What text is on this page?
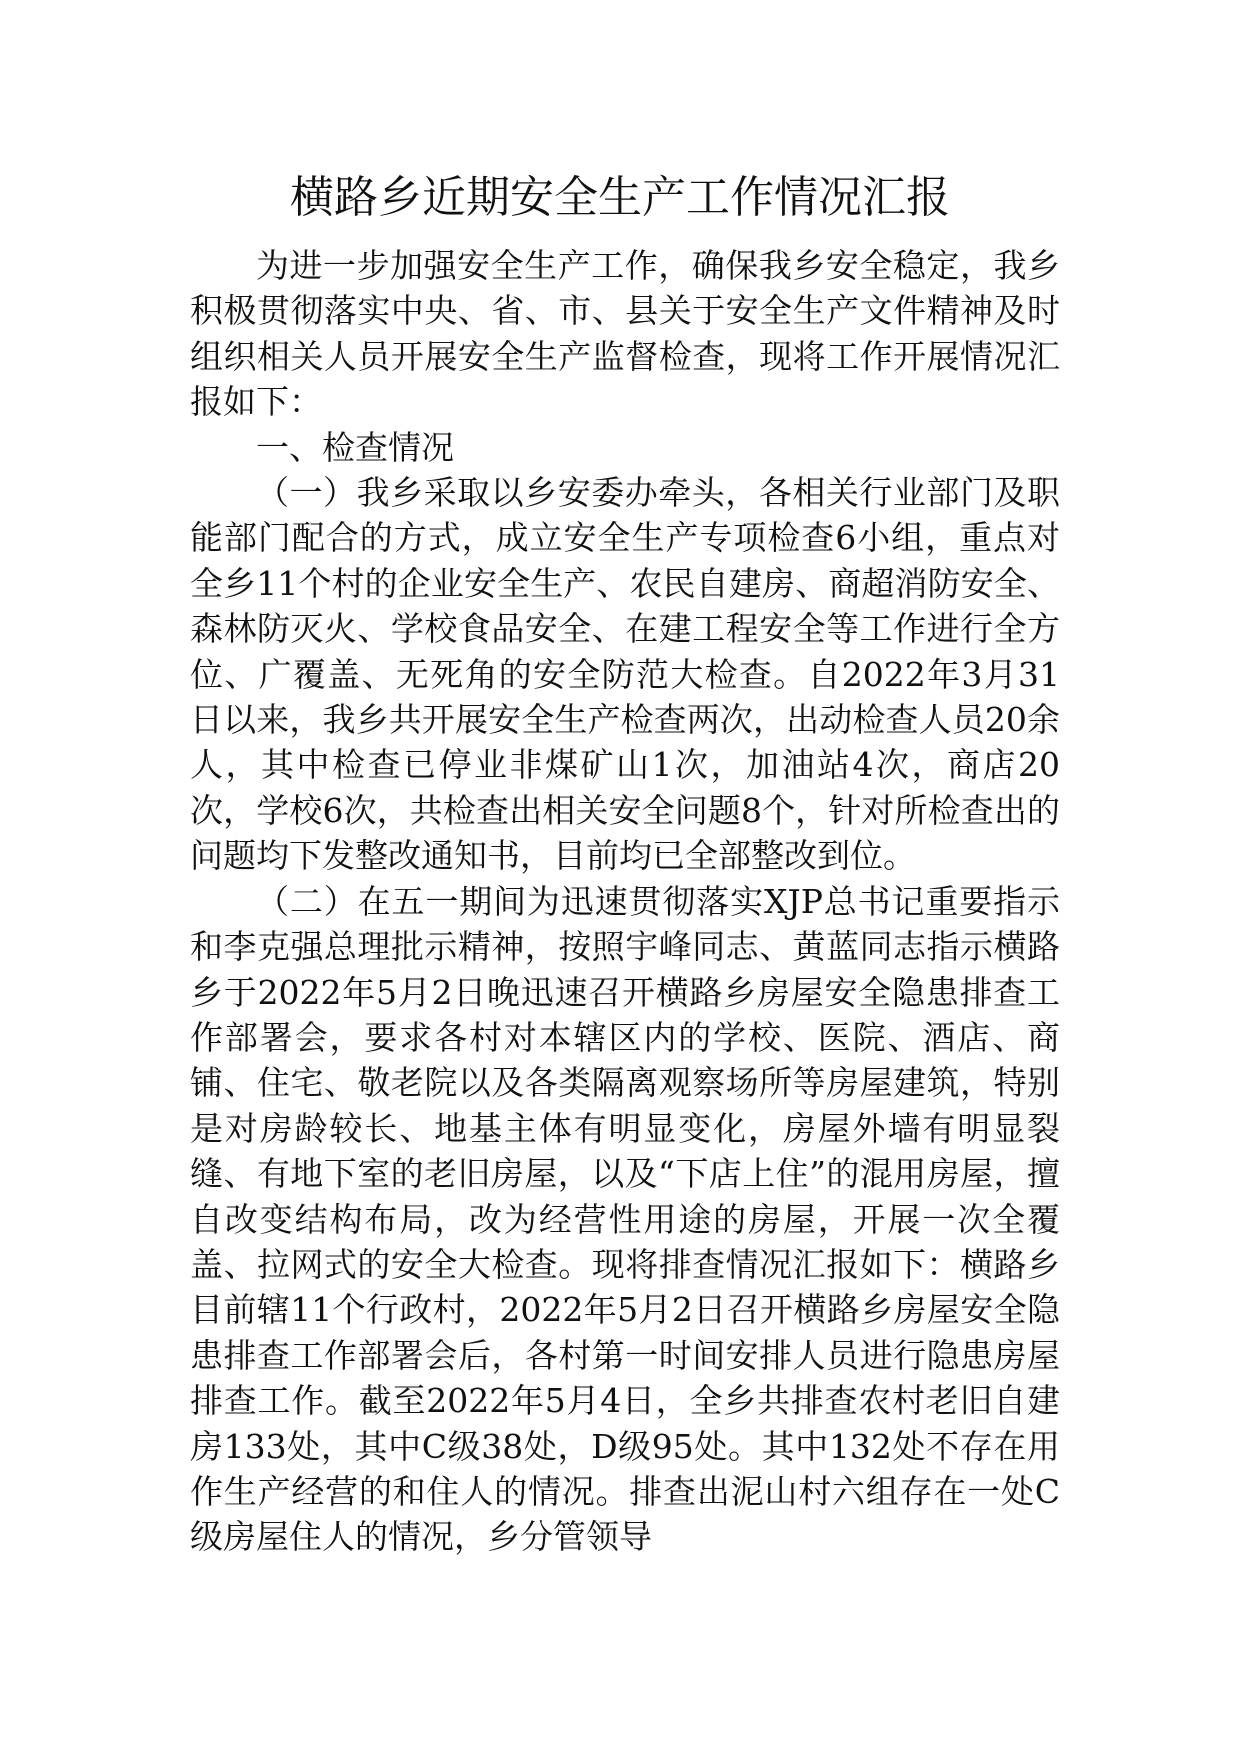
横路乡近期安全生产工作情况汇报

为进一步加强安全生产工作，确保我乡安全稳定，我乡积极贯彻落实中央、省、市、县关于安全生产文件精神及时组织相关人员开展安全生产监督检查，现将工作开展情况汇报如下：

一、检查情况

（一）我乡采取以乡安委办牵头，各相关行业部门及职能部门配合的方式，成立安全生产专项检查6小组，重点对全乡11个村的企业安全生产、农民自建房、商超消防安全、森林防灭火、学校食品安全、在建工程安全等工作进行全方位、广覆盖、无死角的安全防范大检查。自2022年3月31日以来，我乡共开展安全生产检查两次，出动检查人员20余人，其中检查已停业非煤矿山1次，加油站4次，商店20次，学校6次，共检查出相关安全问题8个，针对所检查出的问题均下发整改通知书，目前均已全部整改到位。

（二）在五一期间为迅速贯彻落实XJP总书记重要指示和李克强总理批示精神，按照宇峰同志、黄蓝同志指示横路乡于2022年5月2日晚迅速召开横路乡房屋安全隐患排查工作部署会，要求各村对本辖区内的学校、医院、酒店、商铺、住宅、敬老院以及各类隔离观察场所等房屋建筑，特别是对房龄较长、地基主体有明显变化，房屋外墙有明显裂缝、有地下室的老旧房屋，以及“下店上住”的混用房屋，擅自改变结构布局，改为经营性用途的房屋，开展一次全覆盖、拉网式的安全大检查。现将排查情况汇报如下：横路乡目前辖11个行政村，2022年5月2日召开横路乡房屋安全隐患排查工作部署会后，各村第一时间安排人员进行隐患房屋排查工作。截至2022年5月4日，全乡共排查农村老旧自建房133处，其中C级38处，D级95处。其中132处不存在用作生产经营的和住人的情况。排查出泥山村六组存在一处C级房屋住人的情况，乡分管领导
